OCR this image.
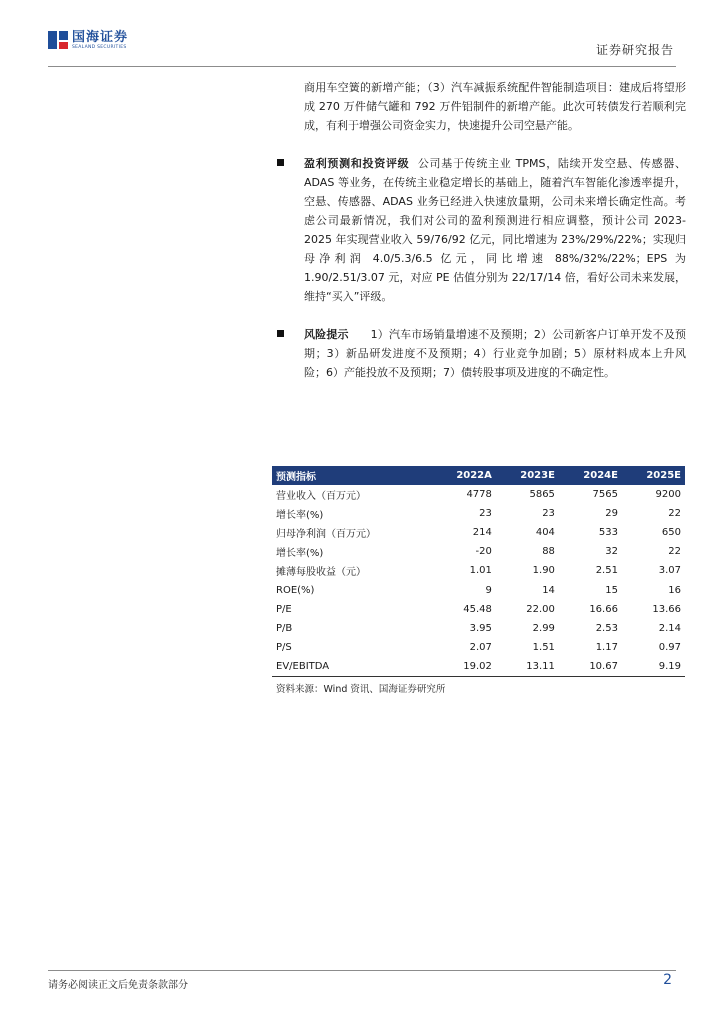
国海证券
SEALAND SECURITIES	证券研究报告

商用车空簧的新增产能；（3）汽车减振系统配件智能制造项目：建成后将望形成 270 万件储气罐和 792 万件铝制件的新增产能。此次可转债发行若顺利完成，有利于增强公司资金实力，快速提升公司空悬产能。

盈利预测和投资评级 公司基于传统主业 TPMS，陆续开发空悬、传感器、ADAS 等业务，在传统主业稳定增长的基础上，随着汽车智能化渗透率提升，空悬、传感器、ADAS 业务已经进入快速放量期，公司未来增长确定性高。考虑公司最新情况，我们对公司的盈利预测进行相应调整，预计公司 2023-2025 年实现营业收入 59/76/92 亿元，同比增速为 23%/29%/22%；实现归母净利润 4.0/5.3/6.5 亿元，同比增速 88%/32%/22%；EPS 为 1.90/2.51/3.07 元，对应 PE 估值分别为 22/17/14 倍，看好公司未来发展，维持“买入”评级。

风险提示 1）汽车市场销量增速不及预期；2）公司新客户订单开发不及预期；3）新品研发进度不及预期；4）行业竞争加剧；5）原材料成本上升风险；6）产能投放不及预期；7）债转股事项及进度的不确定性。

预测指标	2022A	2023E	2024E	2025E
营业收入（百万元）	4778	5865	7565	9200
增长率(%)	23	23	29	22
归母净利润（百万元）	214	404	533	650
增长率(%)	-20	88	32	22
摊薄每股收益（元）	1.01	1.90	2.51	3.07
ROE(%)	9	14	15	16
P/E	45.48	22.00	16.66	13.66
P/B	3.95	2.99	2.53	2.14
P/S	2.07	1.51	1.17	0.97
EV/EBITDA	19.02	13.11	10.67	9.19
资料来源：Wind 资讯、国海证券研究所
请务必阅读正文后免责条款部分	2
